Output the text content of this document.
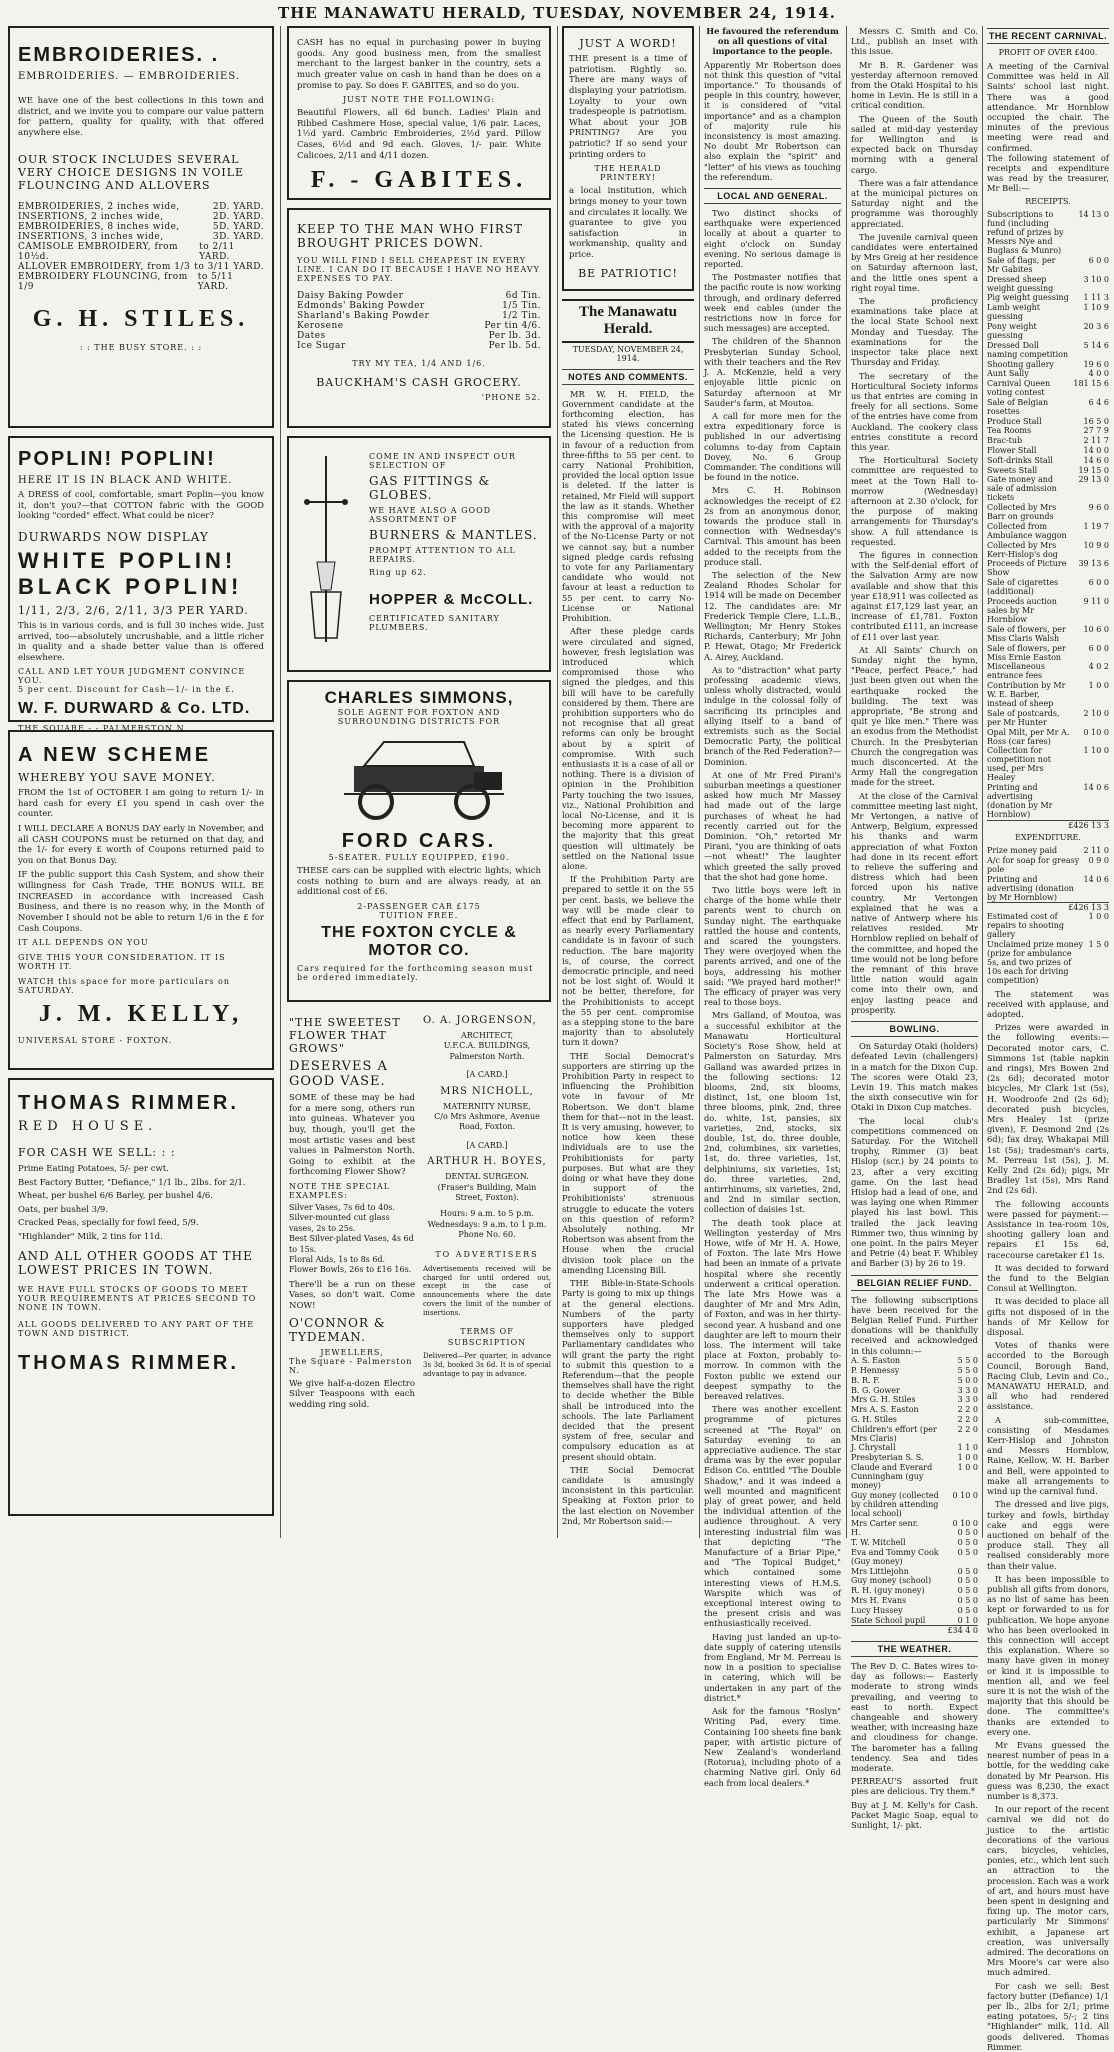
THE MANAWATU HERALD, TUESDAY, NOVEMBER 24, 1914.
EMBROIDERIES. .
EMBROIDERIES. — EMBROIDERIES.
WE have one of the best collections in this town and district, and we invite you to compare our value pattern for pattern, quality for quality, with that offered anywhere else.
OUR STOCK INCLUDES SEVERAL VERY CHOICE DESIGNS IN VOILE FLOUNCING AND ALLOVERS
EMBROIDERIES, 2 inches wide,	2D. YARD.
INSERTIONS, 2 inches wide,	2D. YARD.
EMBROIDERIES, 8 inches wide,	5D. YARD.
INSERTIONS, 3 inches wide,	3D. YARD.
CAMISOLE EMBROIDERY, from 10½d.
to 2/11 YARD.
ALLOVER EMBROIDERY, from 1/3 to 3/11 YARD.
EMBROIDERY FLOUNCING, from 1/9
to 5/11 YARD.
G. H. STILES.
: : THE BUSY STORE. : :
POPLIN! POPLIN!
HERE IT IS IN BLACK AND WHITE.
A DRESS of cool, comfortable, smart Poplin—you know it, don't you?—that COTTON fabric with the GOOD looking "corded" effect. What could be nicer?
DURWARDS NOW DISPLAY
WHITE POPLIN!
BLACK POPLIN!
1/11, 2/3, 2/6, 2/11, 3/3 PER YARD.
This is in various cords, and is full 30 inches wide. Just arrived, too—absolutely uncrushable, and a little richer in quality and a shade better value than is offered elsewhere.
CALL AND LET YOUR JUDGMENT CONVINCE YOU.
5 per cent. Discount for Cash—1/- in the £.
W. F. DURWARD & Co. LTD.
THE SQUARE - - PALMERSTON N.
A NEW SCHEME
WHEREBY YOU SAVE MONEY.
FROM the 1st of OCTOBER I am going to return 1/- in hard cash for every £1 you spend in cash over the counter.
I WILL DECLARE A BONUS DAY early in November, and all CASH COUPONS must be returned on that day, and the 1/- for every £ worth of Coupons returned paid to you on that Bonus Day.
IF the public support this Cash System, and show their willingness for Cash Trade, THE BONUS WILL BE INCREASED in accordance with increased Cash Business, and there is no reason why, in the Month of November I should not be able to return 1/6 in the £ for Cash Coupons.
IT ALL DEPENDS ON YOU
GIVE THIS YOUR CONSIDERATION. IT IS WORTH IT.
WATCH this space for more particulars on SATURDAY.
J. M. KELLY,
UNIVERSAL STORE - FOXTON.
THOMAS RIMMER.
RED HOUSE.
FOR CASH WE SELL: : :
Prime Eating Potatoes, 5/- per cwt.
Best Factory Butter, "Defiance," 1/1 lb., 2lbs. for 2/1.
Wheat, per bushel 6/6 Barley, per bushel 4/6.
Oats, per bushel 3/9.
Cracked Peas, specially for fowl feed, 5/9.
"Highlander" Milk, 2 tins for 11d.
AND ALL OTHER GOODS AT THE LOWEST PRICES IN TOWN.
WE HAVE FULL STOCKS OF GOODS TO MEET YOUR REQUIREMENTS AT PRICES SECOND TO NONE IN TOWN.
ALL GOODS DELIVERED TO ANY PART OF THE TOWN AND DISTRICT.
THOMAS RIMMER.
CASH has no equal in purchasing power in buying goods. Any good business men, from the smallest merchant to the largest banker in the country, sets a much greater value on cash in hand than he does on a promise to pay. So does F. GABITES, and so do you.
JUST NOTE THE FOLLOWING:
Beautiful Flowers, all 6d bunch. Ladies' Plain and Ribbed Cashmere Hose, special value, 1/6 pair. Laces, 1½d yard. Cambric Embroideries, 2½d yard. Pillow Cases, 6½d and 9d each. Gloves, 1/- pair. White Calicoes, 2/11 and 4/11 dozen.
F. - GABITES.
KEEP TO THE MAN WHO FIRST BROUGHT PRICES DOWN.
YOU WILL FIND I SELL CHEAPEST IN EVERY LINE. I CAN DO IT BECAUSE I HAVE NO HEAVY EXPENSES TO PAY.
Daisy Baking Powder	6d Tin.
Edmonds' Baking Powder	1/5 Tin.
Sharland's Baking Powder	1/2 Tin.
Kerosene	Per tin 4/6.
Dates	Per lb. 3d.
Ice Sugar	Per lb. 5d.
TRY MY TEA, 1/4 AND 1/6.
BAUCKHAM'S CASH GROCERY.
'PHONE 52.
COME IN AND INSPECT OUR SELECTION OF
GAS FITTINGS & GLOBES.
WE HAVE ALSO A GOOD ASSORTMENT OF
BURNERS & MANTLES.
PROMPT ATTENTION TO ALL REPAIRS.
Ring up 62.
HOPPER & McCOLL.
CERTIFICATED SANITARY PLUMBERS.
CHARLES SIMMONS,
SOLE AGENT FOR FOXTON AND SURROUNDING DISTRICTS FOR
FORD CARS.
5-SEATER. FULLY EQUIPPED, £190.
THESE cars can be supplied with electric lights, which costs nothing to burn and are always ready, at an additional cost of £6.
2-PASSENGER CAR £175
TUITION FREE.
THE FOXTON CYCLE & MOTOR CO.
Cars required for the forthcoming season must be ordered immediately.
"THE SWEETEST FLOWER THAT GROWS"
DESERVES A GOOD VASE.
SOME of these may be had for a mere song, others run into guineas. Whatever you buy, though, you'll get the most artistic vases and best values in Palmerston North. Going to exhibit at the forthcoming Flower Show?
NOTE THE SPECIAL EXAMPLES:
Silver Vases, 7s 6d to 40s.
Silver-mounted cut glass vases, 2s to 25s.
Best Silver-plated Vases, 4s 6d to 15s.
Floral Aids, 1s to 8s 6d.
Flower Bowls, 26s to £16 16s.
There'll be a run on these Vases, so don't wait. Come NOW!
O'CONNOR & TYDEMAN.
JEWELLERS,
The Square - Palmerston N.
We give half-a-dozen Electro Silver Teaspoons with each wedding ring sold.
O. A. JORGENSON,
ARCHITECT,
U.F.C.A. BUILDINGS, Palmerston North.
[A CARD.]
MRS NICHOLL,
MATERNITY NURSE,
C/o Mrs Ashmore, Avenue Road, Foxton.
[A CARD.]
ARTHUR H. BOYES,
DENTAL SURGEON.
(Fraser's Building, Main Street, Foxton).
Hours: 9 a.m. to 5 p.m. Wednesdays: 9 a.m. to 1 p.m.
Phone No. 60.
TO ADVERTISERS
Advertisements received will be charged for until ordered out, except in the case of announcements where the date covers the limit of the number of insertions.
TERMS OF SUBSCRIPTION
Delivered—Per quarter, in advance 3s 3d, booked 3s 6d. It is of special advantage to pay in advance.
JUST A WORD!
THE present is a time of patriotism. Rightly so. There are many ways of displaying your patriotism. Loyalty to your own tradespeople is patriotism. What about your JOB PRINTING? Are you patriotic? If so send your printing orders to
THE HERALD PRINTERY!
a local institution, which brings money to your town and circulates it locally. We guarantee to give you satisfaction in workmanship, quality and price.
BE PATRIOTIC!
The Manawatu Herald.
TUESDAY, NOVEMBER 24, 1914.
NOTES AND COMMENTS.

MR W. H. FIELD, the Government candidate at the forthcoming election, has stated his views concerning the Licensing question. He is in favour of a reduction from three-fifths to 55 per cent. to carry National Prohibition, provided the local option issue is deleted. If the latter is retained, Mr Field will support the law as it stands. Whether this compromise will meet with the approval of a majority of the No-License Party or not we cannot say, but a number signed pledge cards refusing to vote for any Parliamentary candidate who would not favour at least a reduction to 55 per cent. to carry No-License or National Prohibition.

After these pledge cards were circulated and signed, however, fresh legislation was introduced which compromised those who signed the pledges, and this bill will have to be carefully considered by them. There are prohibition supporters who do not recognise that all great reforms can only be brought about by a spirit of compromise. With such enthusiasts it is a case of all or nothing. There is a division of opinion in the Prohibition Party touching the two issues, viz., National Prohibition and local No-License, and it is becoming more apparent to the majority that this great question will ultimately be settled on the National issue alone.

If the Prohibition Party are prepared to settle it on the 55 per cent. basis, we believe the way will be made clear to effect that end by Parliament, as nearly every Parliamentary candidate is in favour of such reduction. The bare majority is, of course, the correct democratic principle, and need not be lost sight of. Would it not be better, therefore, for the Prohibitionists to accept the 55 per cent. compromise as a stepping stone to the bare majority than to absolutely turn it down?

THE Social Democrat's supporters are stirring up the Prohibition Party in respect to influencing the Prohibition vote in favour of Mr Robertson. We don't blame them for that—not in the least. It is very amusing, however, to notice how keen these individuals are to use the Prohibitionists for party purposes. But what are they doing or what have they done in support of the Prohibitionists' strenuous struggle to educate the voters on this question of reform? Absolutely nothing. Mr Robertson was absent from the House when the crucial division took place on the amending Licensing Bill.

THE Bible-in-State-Schools Party is going to mix up things at the general elections. Numbers of the party supporters have pledged themselves only to support Parliamentary candidates who will grant the party the right to submit this question to a Referendum—that the people themselves shall have the right to decide whether the Bible shall be introduced into the schools. The late Parliament decided that the present system of free, secular and compulsory education as at present should obtain.

THE Social Democrat candidate is amusingly inconsistent in this particular. Speaking at Foxton prior to the last election on November 2nd, Mr Robertson said:—

He favoured the referendum on all questions of vital importance to the people.
Apparently Mr Robertson does not think this question of "vital importance." To thousands of people in this country, however, it is considered of "vital importance" and as a champion of majority rule his inconsistency is most amazing. No doubt Mr Robertson can also explain the "spirit" and "letter" of his views as touching the referendum.
LOCAL AND GENERAL.

Two distinct shocks of earthquake were experienced locally at about a quarter to eight o'clock on Sunday evening. No serious damage is reported.

The Postmaster notifies that the pacific route is now working through, and ordinary deferred week end cables (under the restrictions now in force for such messages) are accepted.

The children of the Shannon Presbyterian Sunday School, with their teachers and the Rev J. A. McKenzie, held a very enjoyable little picnic on Saturday afternoon at Mr Sauder's farm, at Moutoa.

A call for more men for the extra expeditionary force is published in our advertising columns to-day from Captain Dovey, No. 6 Group Commander. The conditions will be found in the notice.

Mrs C. H. Robinson acknowledges the receipt of £2 2s from an anonymous donor, towards the produce stall in connection with Wednesday's Carnival. This amount has been added to the receipts from the produce stall.

The selection of the New Zealand Rhodes Scholar for 1914 will be made on December 12. The candidates are: Mr Frederick Temple Clere, L.L.B., Wellington; Mr Henry Stokes Richards, Canterbury; Mr John P. Hewat, Otago; Mr Frederick A. Airey, Auckland.

As to "distraction" what party professing academic views, unless wholly distracted, would indulge in the colossal folly of sacrificing its principles and allying itself to a band of extremists such as the Social Democratic Party, the political branch of the Red Federation?—Dominion.

At one of Mr Fred Pirani's suburban meetings a questioner asked how much Mr Massey had made out of the large purchases of wheat he had recently carried out for the Dominion. "Oh," retorted Mr Pirani, "you are thinking of oats—not wheat!" The laughter which greeted the sally proved that the shot had gone home.

Two little boys were left in charge of the home while their parents went to church on Sunday night. The earthquake rattled the house and contents, and scared the youngsters. They were overjoyed when the parents arrived, and one of the boys, addressing his mother said: "We prayed hard mother!" The efficacy of prayer was very real to those boys.

Mrs Galland, of Moutoa, was a successful exhibitor at the Manawatu Horticultural Society's Rose Show, held at Palmerston on Saturday. Mrs Galland was awarded prizes in the following sections: 12 blooms, 2nd, six blooms, distinct, 1st, one bloom 1st, three blooms, pink, 2nd, three do. white, 1st, pansies, six varieties, 2nd, stocks, six double, 1st, do. three double, 2nd, columbines, six varieties, 1st, do. three varieties, 1st, delphiniums, six varieties, 1st; do. three varieties, 2nd, antirrhinums, six varieties, 2nd, and 2nd in similar section, collection of daisies 1st.

The death took place at Wellington yesterday of Mrs Howe, wife of Mr H. A. Howe, of Foxton. The late Mrs Howe had been an inmate of a private hospital where she recently underwent a critical operation. The late Mrs Howe was a daughter of Mr and Mrs Adin, of Foxton, and was in her thirty-second year. A husband and one daughter are left to mourn their loss. The interment will take place at Foxton, probably to-morrow. In common with the Foxton public we extend our deepest sympathy to the bereaved relatives.

There was another excellent programme of pictures screened at "The Royal" on Saturday evening to an appreciative audience. The star drama was by the ever popular Edison Co. entitled "The Double Shadow," and it was indeed a well mounted and magnificent play of great power, and held the individual attention of the audience throughout. A very interesting industrial film was that depicting "The Manufacture of a Briar Pipe," and "The Topical Budget," which contained some interesting views of H.M.S. Warspite which was of exceptional interest owing to the present crisis and was enthusiastically received.

Having just landed an up-to-date supply of catering utensils from England, Mr M. Perreau is now in a position to specialise in catering, which will be undertaken in any part of the district.*

Ask for the famous "Roslyn" Writing Pad, every time. Containing 100 sheets fine bank paper, with artistic picture of New Zealand's wonderland (Rotorua), including photo of a charming Native girl. Only 6d each from local dealers.*

Messrs C. Smith and Co. Ltd., publish an inset with this issue.

Mr B. R. Gardener was yesterday afternoon removed from the Otaki Hospital to his home in Levin. He is still in a critical condition.

The Queen of the South sailed at mid-day yesterday for Wellington and is expected back on Thursday morning with a general cargo.

There was a fair attendance at the municipal pictures on Saturday night and the programme was thoroughly appreciated.

The juvenile carnival queen candidates were entertained by Mrs Greig at her residence on Saturday afternoon last, and the little ones spent a right royal time.

The proficiency examinations take place at the local State School next Monday and Tuesday. The examinations for the inspector take place next Thursday and Friday.

The secretary of the Horticultural Society informs us that entries are coming in freely for all sections. Some of the entries have come from Auckland. The cookery class entries constitute a record this year.

The Horticultural Society committee are requested to meet at the Town Hall to-morrow (Wednesday) afternoon at 2.30 o'clock, for the purpose of making arrangements for Thursday's show. A full attendance is requested.

The figures in connection with the Self-denial effort of the Salvation Army are now available and show that this year £18,911 was collected as against £17,129 last year, an increase of £1,781. Foxton contributed £111, an increase of £11 over last year.

At All Saints' Church on Sunday night the hymn, "Peace, perfect Peace," had just been given out when the earthquake rocked the building. The text was appropriate, "Be strong and quit ye like men." There was an exodus from the Methodist Church. In the Presbyterian Church the congregation was much disconcerted. At the Army Hall the congregation made for the street.

At the close of the Carnival committee meeting last night, Mr Vertongen, a native of Antwerp, Belgium, expressed his thanks and warm appreciation of what Foxton had done in its recent effort to relieve the suffering and distress which had been forced upon his native country. Mr Vertongen explained that he was a native of Antwerp where his relatives resided. Mr Hornblow replied on behalf of the committee, and hoped the time would not be long before the remnant of this brave little nation would again come into their own, and enjoy lasting peace and prosperity.

BOWLING.

On Saturday Otaki (holders) defeated Levin (challengers) in a match for the Dixon Cup. The scores were Otaki 23, Levin 19. This match makes the sixth consecutive win for Otaki in Dixon Cup matches.

The local club's competitions commenced on Saturday. For the Witchell trophy, Rimmer (3) beat Hislop (scr.) by 24 points to 23, after a very exciting game. On the last head Hislop had a lead of one, and was laying one when Rimmer played his last bowl. This trailed the jack leaving Rimmer two, thus winning by one point. In the pairs Meyer and Petrie (4) beat F. Whibley and Barber (3) by 26 to 19.

BELGIAN RELIEF FUND.
The following subscriptions have been received for the Belgian Relief Fund. Further donations will be thankfully received and acknowledged in this column:—
A. S. Easton	5 5 0
P. Hennessy	5 5 0
B. R. F.	5 0 0
B. G. Gower	3 3 0
Mrs G. H. Stiles	3 3 0
Mrs A. S. Easton	2 2 0
G. H. Stiles	2 2 0
Children's effort (per Mrs Claris)	2 2 0
J. Chrystall	1 1 0
Presbyterian S. S.	1 0 0
Claude and Everard Cunningham (guy money)	1 0 0
Guy money (collected by children attending local school)	0 10 0
Mrs Carter senr.	0 10 0
H.	0 5 0
T. W. Mitchell	0 5 0
Eva and Tommy Cook (Guy money)	0 5 0
Mrs Littlejohn	0 5 0
Guy money (school)	0 5 0
R. H. (guy money)	0 5 0
Mrs H. Evans	0 5 0
Lucy Hussey	0 5 0
State School pupil	0 1 0
£34 4 0
THE WEATHER.
The Rev D. C. Bates wires to-day as follows:— Easterly moderate to strong winds prevailing, and veering to east to north. Expect changeable and showery weather, with increasing haze and cloudiness for change. The barometer has a falling tendency. Sea and tides moderate.
PERREAU'S assorted fruit pies are delicious. Try them.*
Buy at J. M. Kelly's for Cash. Packet Magic Soap, equal to Sunlight, 1/- pkt.
THE RECENT CARNIVAL.
PROFIT OF OVER £400.
A meeting of the Carnival Committee was held in All Saints' school last night. There was a good attendance. Mr Hornblow occupied the chair. The minutes of the previous meeting were read and confirmed.
The following statement of receipts and expenditure was read by the treasurer, Mr Bell:—
RECEIPTS.
Subscriptions to fund (including refund of prizes by Messrs Nye and Buglass & Munro)	14 13 0
Sale of flags, per Mr Gabites	6 0 0
Dressed sheep weight guessing	3 10 0
Pig weight guessing	1 11 3
Lamb weight guessing	1 10 9
Pony weight guessing	20 3 6
Dressed Doll naming competition	5 14 6
Shooting gallery	19 6 0
Aunt Sally	4 0 0
Carnival Queen voting contest	181 15 6
Sale of Belgian rosettes	6 4 6
Produce Stall	16 5 0
Tea Rooms	27 7 9
Brac-tub	2 11 7
Flower Stall	14 0 0
Soft-drinks Stall	14 6 0
Sweets Stall	19 15 0
Gate money and sale of admission tickets	29 13 0
Collected by Mrs Barr on grounds	9 6 0
Collected from Ambulance waggon	1 19 7
Collected by Mrs Kerr-Hislop's dog	10 9 0
Proceeds of Picture Show	39 13 6
Sale of cigarettes (additional)	6 0 0
Proceeds auction sales by Mr Hornblow	9 11 0
Sale of flowers, per Miss Claris Walsh	10 6 0
Sale of flowers, per Miss Ernie Easton	6 0 0
Miscellaneous entrance fees	4 0 2
Contribution by Mr W. E. Barber, instead of sheep	1 0 0
Sale of postcards, per Mr Hunter	2 10 0
Opal Milt, per Mr A. Ross (car fares)	0 10 0
Collection for competition not used, per Mrs Healey	1 10 0
Printing and advertising (donation by Mr Hornblow)	14 0 6
£426 13 3
EXPENDITURE.
Prize money paid	2 11 0
A/c for soap for greasy pole	0 9 0
Printing and advertising (donation by Mr Hornblow)	14 0 6
£426 13 3
Estimated cost of repairs to shooting gallery	1 0 0
Unclaimed prize money (prize for ambulance 5s, and two prizes of 10s each for driving competition)	1 5 0

The statement was received with applause, and adopted.

Prizes were awarded in the following events:— Decorated motor cars, C. Simmons 1st (table napkin and rings), Mrs Bowen 2nd (2s 6d); decorated motor bicycles, Mr Clark 1st (5s), H. Woodroofe 2nd (2s 6d); decorated push bicycles, Mrs Healey 1st (prize given), F. Desmond 2nd (2s 6d); fax dray, Whakapai Mill 1st (5s); tradesman's carts, M. Perreau 1st (5s), J. M. Kelly 2nd (2s 6d); pigs, Mr Bradley 1st (5s), Mrs Rand 2nd (2s 6d).

The following accounts were passed for payment:—Assistance in tea-room 10s, shooting gallery loan and repairs £1 15s 6d, racecourse caretaker £1 1s.

It was decided to forward the fund to the Belgian Consul at Wellington.

It was decided to place all gifts not disposed of in the hands of Mr Kellow for disposal.

Votes of thanks were accorded to the Borough Council, Borough Band, Racing Club, Levin and Co., MANAWATU HERALD, and all who had rendered assistance.

A sub-committee, consisting of Mesdames Kerr-Hislop and Johnston and Messrs Hornblow, Raine, Kellow, W. H. Barber and Bell, were appointed to make all arrangements to wind up the carnival fund.

The dressed and live pigs, turkey and fowls, birthday cake and eggs were auctioned on behalf of the produce stall. They all realised considerably more than their value.

It has been impossible to publish all gifts from donors, as no list of same has been kept or forwarded to us for publication. We hope anyone who has been overlooked in this connection will accept this explanation. Where so many have given in money or kind it is impossible to mention all, and we feel sure it is not the wish of the majority that this should be done. The committee's thanks are extended to every one.

Mr Evans guessed the nearest number of peas in a bottle, for the wedding cake donated by Mr Pearson. His guess was 8,230, the exact number is 8,373.

In our report of the recent carnival we did not do justice to the artistic decorations of the various cars, bicycles, vehicles, ponies, etc., which lent such an attraction to the procession. Each was a work of art, and hours must have been spent in designing and fixing up. The motor cars, particularly Mr Simmons' exhibit, a Japanese art creation, was universally admired. The decorations on Mrs Moore's car were also much admired.

For cash we sell: Best factory butter (Defiance) 1/1 per lb., 2lbs for 2/1; prime eating potatoes, 5/-; 2 tins "Highlander" milk, 11d. All goods delivered. Thomas Rimmer.
